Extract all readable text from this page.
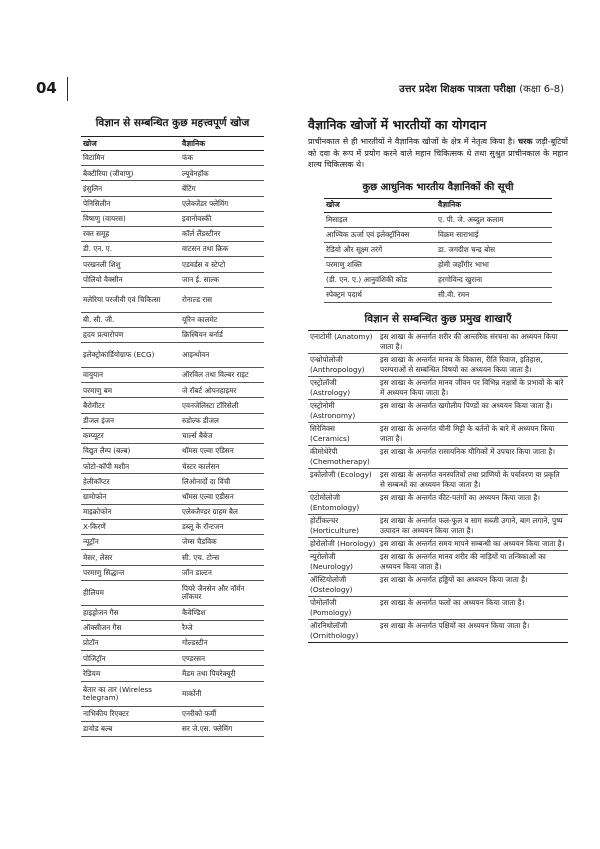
04	उत्तर प्रदेश शिक्षक पात्रता परीक्षा (कक्षा 6-8)
विज्ञान से सम्बन्धित कुछ महत्त्वपूर्ण खोज
खोज	वैज्ञानिक
विटामिन	फंक
बैक्टीरिया (जीवाणु)	ल्यूवेनहॉक
इंसुलिन	बेंटिंग
पेनिसिलीन	एलेक्जेंडर फ्लेमिंग
विषाणु (वायरस)	इवानोवस्की
रक्त समूह	कॉर्ल लैंडस्टीनर
डी. एन. ए.	वाटसन तथा क्रिक
परखनली शिशु	एडवर्डस व स्टेप्टो
पोलियो वैक्सीन	जान ई. साल्क
मलेरिया परजीवी एवं चिकित्सा	रोनाल्ड रास
बी. सी. जी.	यूरिन कालमेट
हृदय प्रत्यारोपण	क्रिस्चियन बर्नार्ड
इलेक्ट्रोकार्डियोग्राफ (ECG)	आइन्थोवन
वायुयान	ऑरविल तथा विल्बर राइट
परमाणु बम	जे रॉबर्ट ओपनहाइमर
बैरोमीटर	एवनजेलिस्टा टॉरिसेली
डीजल इंजन	रुडोल्फ डीजल
कम्प्यूटर	चार्ल्स बैबेज
विद्युत लैम्प (बल्ब)	थॉमस एल्वा एडिसन
फोटो-कॉपी मशीन	चेस्टर कार्लसन
हेलीकॉप्टर	लिओनार्दो दा विंची
ग्रामोफोन	थॉमस एल्वा एडीसन
माइक्रोफोन	एलेक्जैण्डर ग्राहम बैल
X-किरणें	डब्लू के रॉन्टजन
न्यूट्रॉन	जेम्स चैडविक
मेसर, लेसर	सी. एच. टोन्स
परमाणु सिद्धान्त	जॉन डाल्टन
हीलियम	पियरे जैनसेन और नॉर्मन लॉकयर
हाइड्रोजन गैस	कैवेण्डिश
ऑक्सीजन गैस	रैम्जे
प्रोटॉन	गोल्डस्टीन
पोजिट्रॉन	एण्डरसन
रेडियम	मैडम तथा पियरेक्यूरी
बेतार का तार (Wireless telegram)	मार्कोनी
नाभिकीय रिएक्टर	एनरीको फर्मी
डायोड बल्ब	सर जे.एस. फ्लेमिंग
वैज्ञानिक खोजों में भारतीयों का योगदान
प्राचीनकाल से ही भारतीयों ने वैज्ञानिक खोजों के क्षेत्र में नेतृत्व किया है। चरक जड़ी-बूटियों को दवा के रूप में प्रयोग करने वाले महान चिकित्सक थे तथा सुश्रुत प्राचीनकाल के महान शल्य चिकित्सक थे।
कुछ आधुनिक भारतीय वैज्ञानिकों की सूची
खोज	वैज्ञानिक
मिसाइल	ए. पी. जे. अब्दुल कलाम
आण्विक ऊर्जा एवं इलेक्ट्रॉनिक्स	विक्रम साराभाई
रेडियो और सूक्ष्म तरंगें	डा. जगदीश चन्द्र बोस
परमाणु शक्ति	होमी जहाँगीर भाभा
(डी. एन. ए.) आनुवंशिकी कोड	हरगोविन्द खुराना
स्पेक्ट्रम पदार्थ	सी.वी. रमन
विज्ञान से सम्बन्धित कुछ प्रमुख शाखाएँ
एनाटोमी (Anatomy)	इस शाखा के अन्तर्गत शरीर की आन्तरिक संरचना का अध्ययन किया जाता है।
एन्थ्रोपोलोजी (Anthropology)	इस शाखा के अन्तर्गत मानव के विकास, रीति रिवाज, इतिहास, परम्पराओं से सम्बन्धित विषयों का अध्ययन किया जाता है।
एस्ट्रोलॉजी (Astrology)	इस शाखा के अन्तर्गत मानव जीवन पर विभिन्न नक्षत्रों के प्रभावों के बारे में अध्ययन किया जाता है।
एस्ट्रोनोमी (Astronomy)	इस शाखा के अन्तर्गत खगोलीय पिण्डों का अध्ययन किया जाता है।
सिरेमिक्स (Ceramics)	इस शाखा के अन्तर्गत चीनी मिट्टी के बर्तनों के बारे में अध्ययन किया जाता है।
कीमोथेरेपी (Chemotherapy)	इस शाखा के अन्तर्गत रासायनिक यौगिकों में उपचार किया जाता है।
इकोलोजी (Ecology)	इस शाखा के अन्तर्गत वनस्पतियों तथा प्राणियों के पर्यावरण या प्रकृति से सम्बन्धों का अध्ययन किया जाता है।
एंटोमोलोजी (Entomology)	इस शाखा के अन्तर्गत कीट-पतंगों का अध्ययन किया जाता है।
होर्टीकल्चर (Horticulture)	इस शाखा के अन्तर्गत फल-फूल व साग सब्जी उगाने, बाग लगाने, पुष्प उत्पादन का अध्ययन किया जाता है।
होरोलोजी (Horology)	इस शाखा के अन्तर्गत समय मापने सम्बन्धी का अध्ययन किया जाता है।
न्यूरोलोजी (Neurology)	इस शाखा के अन्तर्गत मानव शरीर की नाड़ियों या तन्त्रिकाओं का अध्ययन किया जाता है।
ऑस्टियोलोजी (Osteology)	इस शाखा के अन्तर्गत हड्डियों का अध्ययन किया जाता है।
पोमोलॉजी (Pomology)	इस शाखा के अन्तर्गत फलों का अध्ययन किया जाता है।
ऑरनिथोलॉजी (Ornithology)	इस शाखा के अन्तर्गत पक्षियों का अध्ययन किया जाता है।
